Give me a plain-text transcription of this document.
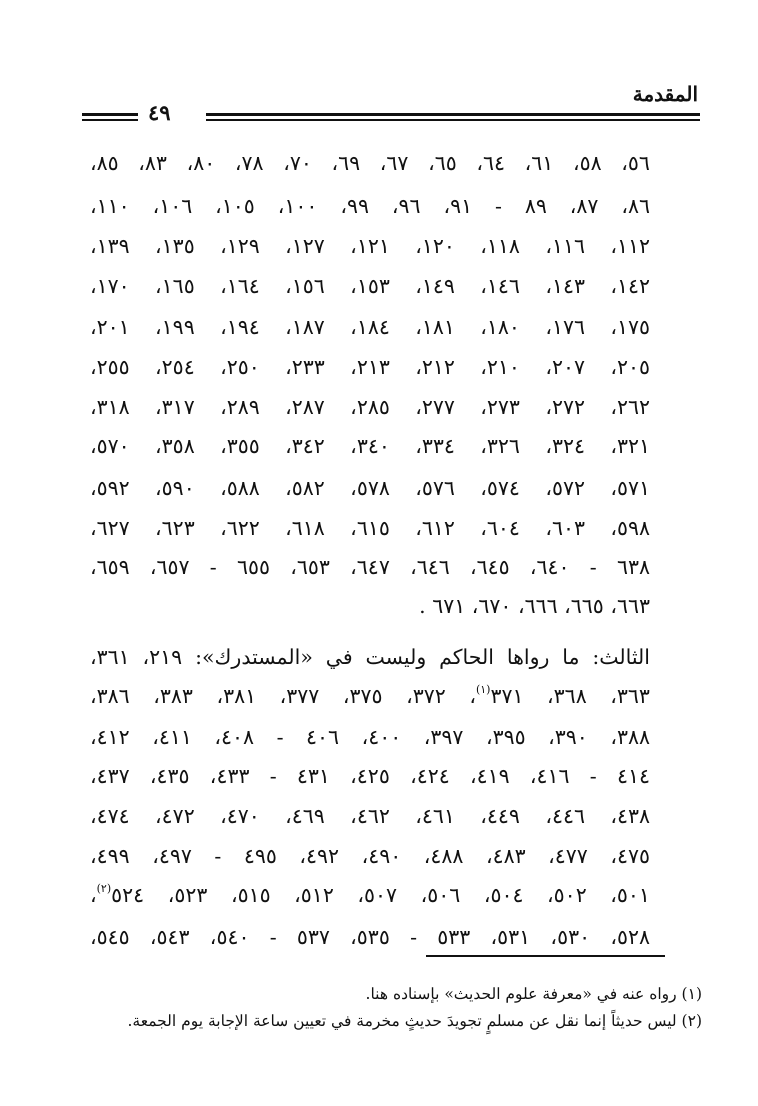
المقدمة
٤٩
٥٦، ٥٨، ٦١، ٦٤، ٦٥، ٦٧، ٦٩، ٧٠، ٧٨، ٨٠، ٨٣، ٨٥،
٨٦، ٨٧، ٨٩ - ٩١، ٩٦، ٩٩، ١٠٠، ١٠٥، ١٠٦، ١١٠،
١١٢، ١١٦، ١١٨، ١٢٠، ١٢١، ١٢٧، ١٢٩، ١٣٥، ١٣٩،
١٤٢، ١٤٣، ١٤٦، ١٤٩، ١٥٣، ١٥٦، ١٦٤، ١٦٥، ١٧٠،
١٧٥، ١٧٦، ١٨٠، ١٨١، ١٨٤، ١٨٧، ١٩٤، ١٩٩، ٢٠١،
٢٠٥، ٢٠٧، ٢١٠، ٢١٢، ٢١٣، ٢٣٣، ٢٥٠، ٢٥٤، ٢٥٥،
٢٦٢، ٢٧٢، ٢٧٣، ٢٧٧، ٢٨٥، ٢٨٧، ٢٨٩، ٣١٧، ٣١٨،
٣٢١، ٣٢٤، ٣٢٦، ٣٣٤، ٣٤٠، ٣٤٢، ٣٥٥، ٣٥٨، ٥٧٠،
٥٧١، ٥٧٢، ٥٧٤، ٥٧٦، ٥٧٨، ٥٨٢، ٥٨٨، ٥٩٠، ٥٩٢،
٥٩٨، ٦٠٣، ٦٠٤، ٦١٢، ٦١٥، ٦١٨، ٦٢٢، ٦٢٣، ٦٢٧،
٦٣٨ - ٦٤٠، ٦٤٥، ٦٤٦، ٦٤٧، ٦٥٣، ٦٥٥ - ٦٥٧، ٦٥٩،
٦٦٣، ٦٦٥، ٦٦٦، ٦٧٠، ٦٧١ .
الثالث: ما رواها الحاكم وليست في «المستدرك»: ٢١٩، ٣٦١،
٣٦٣، ٣٦٨، ٣٧١$^{(١)}$، ٣٧٢، ٣٧٥، ٣٧٧، ٣٨١، ٣٨٣، ٣٨٦،
٣٨٨، ٣٩٠، ٣٩٥، ٣٩٧، ٤٠٠، ٤٠٦ - ٤٠٨، ٤١١، ٤١٢،
٤١٤ - ٤١٦، ٤١٩، ٤٢٤، ٤٢٥، ٤٣١ - ٤٣٣، ٤٣٥، ٤٣٧،
٤٣٨، ٤٤٦، ٤٤٩، ٤٦١، ٤٦٢، ٤٦٩، ٤٧٠، ٤٧٢، ٤٧٤،
٤٧٥، ٤٧٧، ٤٨٣، ٤٨٨، ٤٩٠، ٤٩٢، ٤٩٥ - ٤٩٧، ٤٩٩،
٥٠١، ٥٠٢، ٥٠٤، ٥٠٦، ٥٠٧، ٥١٢، ٥١٥، ٥٢٣، ٥٢٤$^{(٢)}$،
٥٢٨، ٥٣٠، ٥٣١، ٥٣٣ - ٥٣٥، ٥٣٧ - ٥٤٠، ٥٤٣، ٥٤٥،
(١) رواه عنه في «معرفة علوم الحديث» بإسناده هنا.
(٢) ليس حديثاً إنما نقل عن مسلمٍ تجويدَ حديثٍ مخرمة في تعيين ساعة الإجابة يوم الجمعة.
